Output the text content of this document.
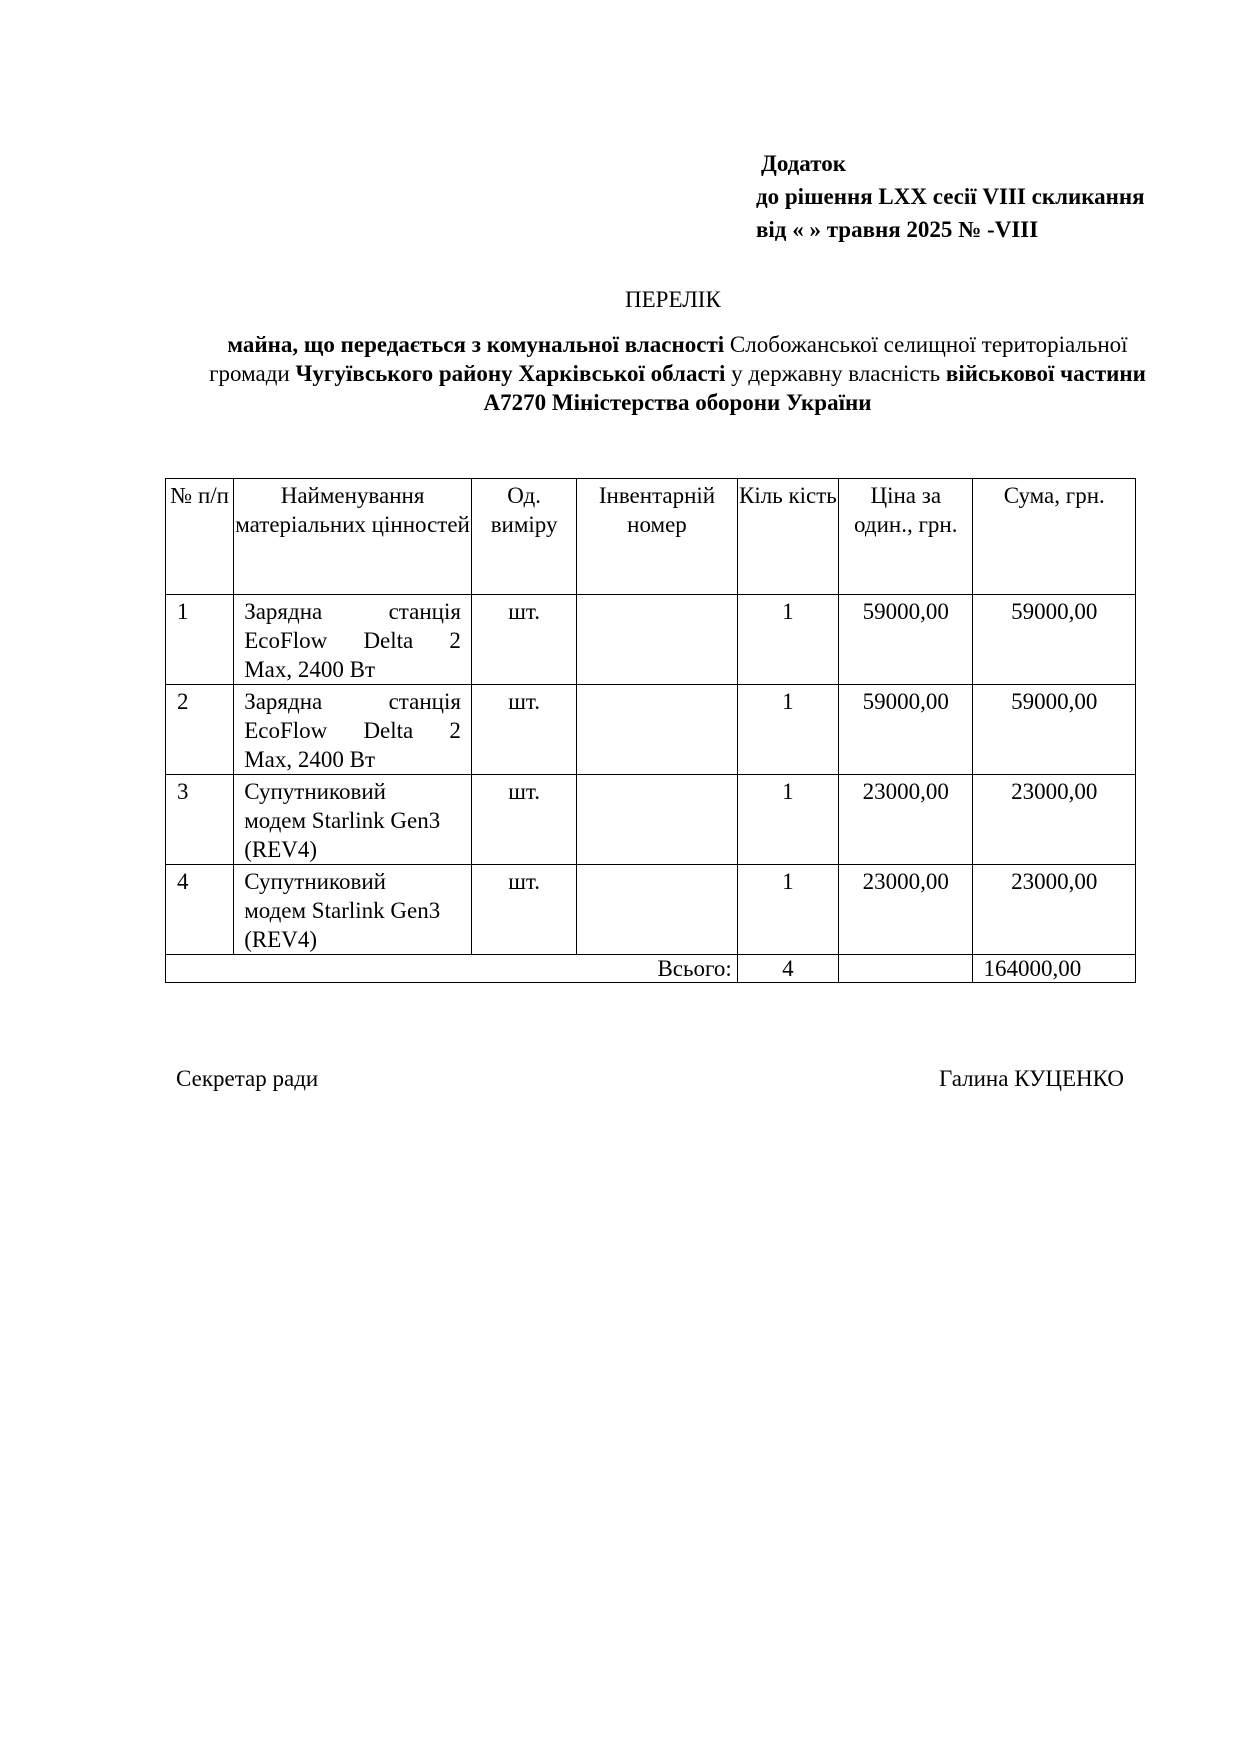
Додаток
до рішення LXX сесії VIII скликання
від « » травня 2025 № -VIII
ПЕРЕЛІК
майна, що передається з комунальної власності Слобожанської селищної територіальної громади Чугуївського району Харківської області у державну власність військової частини А7270 Міністерства оборони України
№ п/п	Найменування матеріальних цінностей	Од. виміру	Інвентарній номер	Кіль кість	Ціна за один., грн.	Сума, грн.
1	Зарядна станція
EcoFlow Delta 2
Max, 2400 Вт	шт.		1	59000,00	59000,00
2	Зарядна станція
EcoFlow Delta 2
Max, 2400 Вт	шт.		1	59000,00	59000,00
3	Супутниковий
модем Starlink Gen3
(REV4)	шт.		1	23000,00	23000,00
4	Супутниковий
модем Starlink Gen3
(REV4)	шт.		1	23000,00	23000,00
Всього:				4		164000,00
Секретар ради	Галина КУЦЕНКО
